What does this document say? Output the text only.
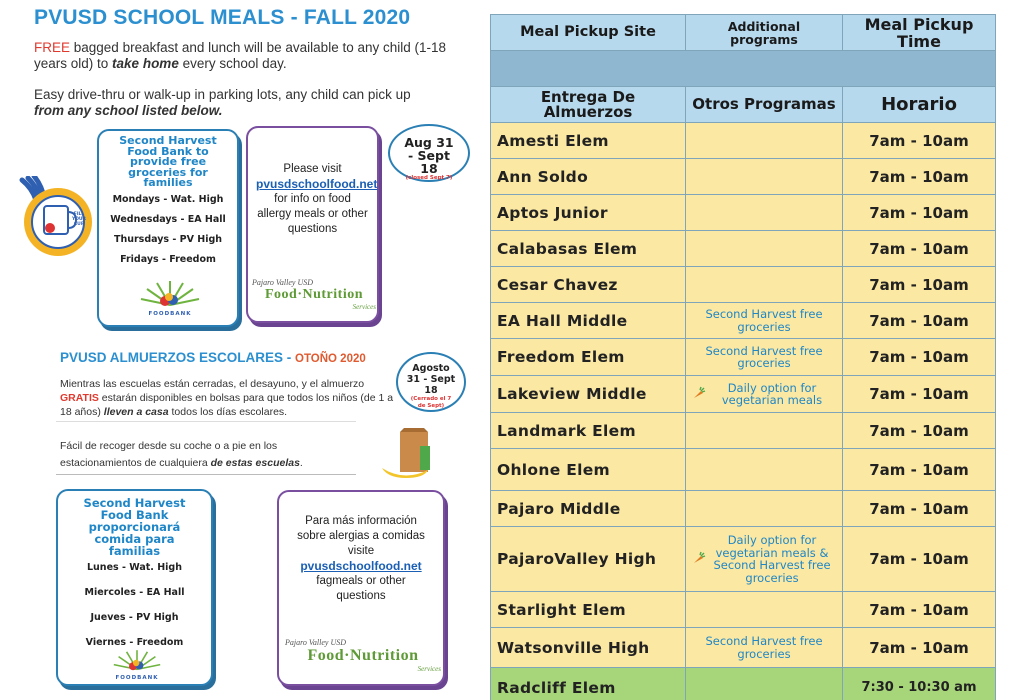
PVUSD SCHOOL MEALS - FALL 2020
FREE bagged breakfast and lunch will be available to any child (1-18 years old) to take home every school day.
Easy drive-thru or walk-up in parking lots, any child can pick up from any school listed below.
FILL YOUR CUP
Second Harvest Food Bank to provide free groceries for families
Mondays - Wat. High
Wednesdays - EA Hall
Thursdays - PV High
Fridays - Freedom
FOODBANK
Please visit
pvusdschoolfood.net
for info on food allergy meals or other questions
Pajaro Valley USD
Food·Nutrition
Services
Aug 31 - Sept 18
(closed Sept 7)
PVUSD ALMUERZOS ESCOLARES - OTOÑO 2020
Agosto 31 - Sept 18
(Cerrado el 7 de Sept)
Mientras las escuelas están cerradas, el desayuno, y el almuerzo GRATIS estarán disponibles en bolsas para que todos los niños (de 1 a 18 años) lleven a casa todos los días escolares.
Fácil de recoger desde su coche o a pie en los estacionamientos de cualquiera de estas escuelas.
Second Harvest Food Bank proporcionará comida para familias
Lunes - Wat. High
Miercoles - EA Hall
Jueves - PV High
Viernes - Freedom
FOODBANK
Para más información sobre alergias a comidas visite
pvusdschoolfood.net
fagmeals or other questions
Pajaro Valley USD
Food·Nutrition
Services
Meal Pickup Site	Additional programs	Meal Pickup Time

Entrega De Almuerzos	Otros Programas	Horario
Amesti Elem		7am - 10am
Ann Soldo		7am - 10am
Aptos Junior		7am - 10am
Calabasas Elem		7am - 10am
Cesar Chavez		7am - 10am
EA Hall Middle	Second Harvest free groceries	7am - 10am
Freedom Elem	Second Harvest free groceries	7am - 10am
Lakeview Middle	Daily option for vegetarian meals	7am - 10am
Landmark Elem		7am - 10am
Ohlone Elem		7am - 10am
Pajaro Middle		7am - 10am
PajaroValley High	Daily option for vegetarian meals & Second Harvest free groceries	7am - 10am
Starlight Elem		7am - 10am
Watsonville High	Second Harvest free groceries	7am - 10am
Radcliff Elem		7:30 - 10:30 am
